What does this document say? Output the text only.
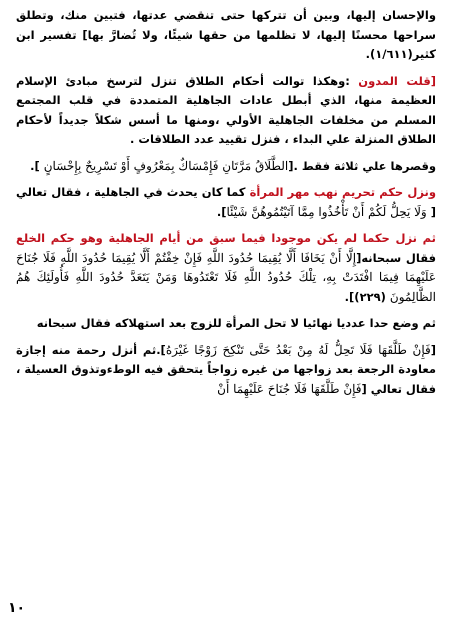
والإحسان إليها، وبين أن تتركها حتى تنقضي عدتها، فتبين منك، وتطلق سراحها محسنًا إليها، لا تظلمها من حقها شيئًا، ولا تُضارَّ بها] تفسير ابن كثير(١/٦١١).

[قلت المدون :وهكذا توالت أحكام الطلاق تنزل لترسخ مبادئ الإسلام العظيمة منها، الذي أبطل عادات الجاهلية المتمددة في قلب المجتمع المسلم من مخلفات الجاهلية الأولي ،ومنها ما أسس شكلاً جديداً لأحكام الطلاق المنزلة علي البداء ، فنزل تقييد عدد الطلاقات .

وقصرها علي ثلاثة فقط .[الطَّلَاقُ مَرَّتَانِ فَإِمْسَاكٌ بِمَعْرُوفٍ أَوْ تَسْرِيحٌ بِإِحْسَانٍ ].

ونزل حكم تحريم نهب مهر المرأة كما كان يحدث في الجاهلية ، فقال تعالي [ وَلَا يَحِلُّ لَكُمْ أَنْ تَأْخُذُوا مِمَّا آتَيْتُمُوهُنَّ شَيْئًا].

ثم نزل حكما لم يكن موجودا فيما سبق من أيام الجاهلية وهو حكم الخلع فقال سبحانه[إِلَّا أَنْ يَخَافَا أَلَّا يُقِيمَا حُدُودَ اللَّهِ فَإِنْ خِفْتُمْ أَلَّا يُقِيمَا حُدُودَ اللَّهِ فَلَا جُنَاحَ عَلَيْهِمَا فِيمَا افْتَدَتْ بِهِ، تِلْكَ حُدُودُ اللَّهِ فَلَا تَعْتَدُوهَا وَمَنْ يَتَعَدَّ حُدُودَ اللَّهِ فَأُولَئِكَ هُمُ الظَّالِمُونَ (٢٢٩)].

ثم وضع حدا عدديا نهائيا لا تحل المرأة للزوج بعد استهلاكه فقال سبحانه

[فَإِنْ طَلَّقَهَا فَلَا تَحِلُّ لَهُ مِنْ بَعْدُ حَتَّى تَنْكِحَ زَوْجًا غَيْرَهُ].ثم أنزل رحمة منه إجازة معاودة الرجعة بعد زواجها من غيره زواجاً يتحقق فيه الوطءوتذوق العسيلة ، فقال تعالي [فَإِنْ طَلَّقَهَا فَلَا جُنَاحَ عَلَيْهِمَا أَنْ

١٠
